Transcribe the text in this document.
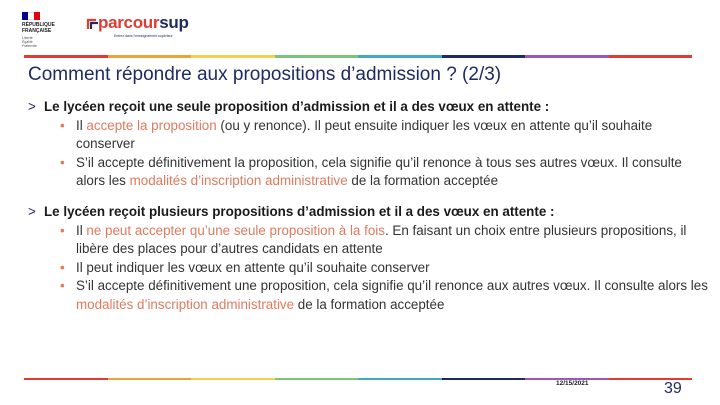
RÉPUBLIQUE
FRANÇAISE
Liberté
Égalité
Fraternité
parcoursup
Entrez dans l'enseignement supérieur
Comment répondre aux propositions d’admission ? (2/3)
> Le lycéen reçoit une seule proposition d’admission et il a des vœux en attente :
• Il accepte la proposition (ou y renonce). Il peut ensuite indiquer les vœux en attente qu’il souhaite conserver
• S’il accepte définitivement la proposition, cela signifie qu’il renonce à tous ses autres vœux. Il consulte alors les modalités d’inscription administrative de la formation acceptée
> Le lycéen reçoit plusieurs propositions d’admission et il a des vœux en attente :
• Il ne peut accepter qu’une seule proposition à la fois. En faisant un choix entre plusieurs propositions, il libère des places pour d’autres candidats en attente
• Il peut indiquer les vœux en attente qu’il souhaite conserver
• S’il accepte définitivement une proposition, cela signifie qu’il renonce aux autres vœux. Il consulte alors les modalités d’inscription administrative de la formation acceptée
12/15/2021	39
